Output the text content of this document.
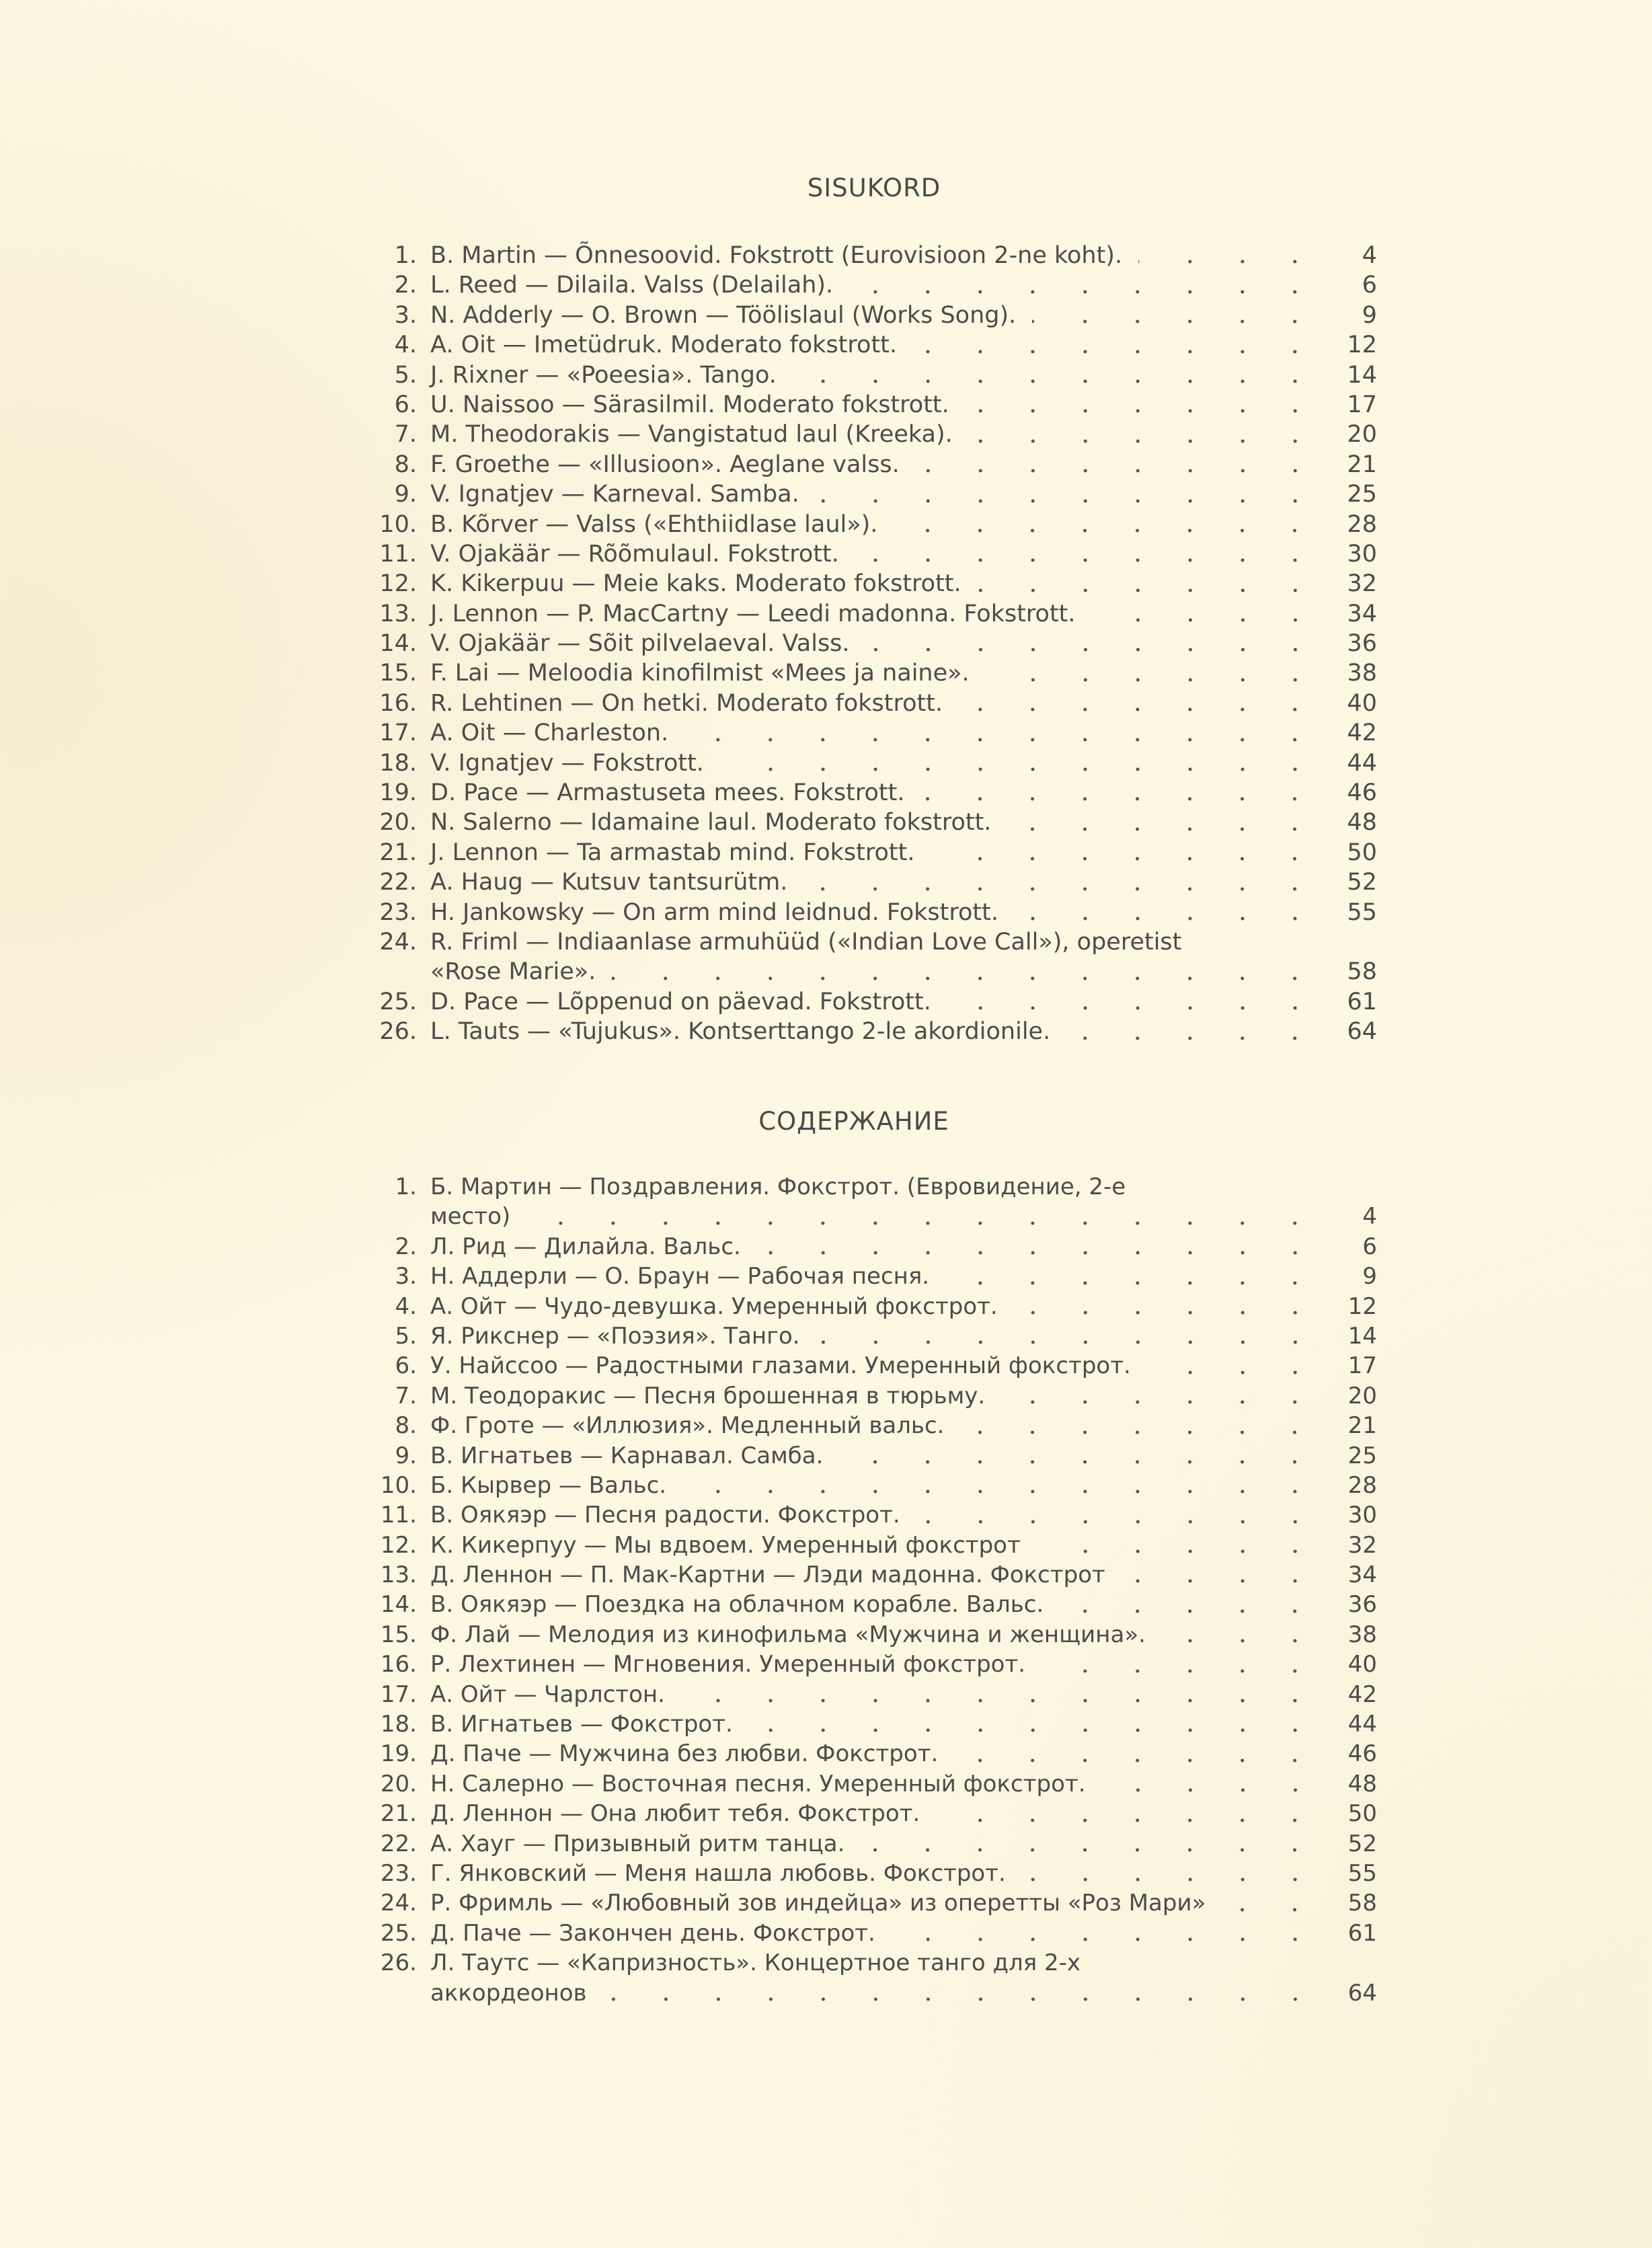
SISUKORD
1. B. Martin — Õnnesoovid. Fokstrott (Eurovisioon 2-ne koht).	4
2. L. Reed — Dilaila. Valss (Delailah).	6
3. N. Adderly — O. Brown — Töölislaul (Works Song).	9
4. A. Oit — Imetüdruk. Moderato fokstrott.	12
5. J. Rixner — «Poeesia». Tango.	14
6. U. Naissoo — Särasilmil. Moderato fokstrott.	17
7. M. Theodorakis — Vangistatud laul (Kreeka).	20
8. F. Groethe — «Illusioon». Aeglane valss.	21
9. V. Ignatjev — Karneval. Samba.	25
10. B. Kõrver — Valss («Ehthiidlase laul»).	28
11. V. Ojakäär — Rõõmulaul. Fokstrott.	30
12. K. Kikerpuu — Meie kaks. Moderato fokstrott.	32
13. J. Lennon — P. MacCartny — Leedi madonna. Fokstrott.	34
14. V. Ojakäär — Sõit pilvelaeval. Valss.	36
15. F. Lai — Meloodia kinofilmist «Mees ja naine».	38
16. R. Lehtinen — On hetki. Moderato fokstrott.	40
17. A. Oit — Charleston.	42
18. V. Ignatjev — Fokstrott.	44
19. D. Pace — Armastuseta mees. Fokstrott.	46
20. N. Salerno — Idamaine laul. Moderato fokstrott.	48
21. J. Lennon — Ta armastab mind. Fokstrott.	50
22. A. Haug — Kutsuv tantsurütm.	52
23. H. Jankowsky — On arm mind leidnud. Fokstrott.	55
24. R. Friml — Indiaanlase armuhüüd («Indian Love Call»), operetist
«Rose Marie».	58
25. D. Pace — Lõppenud on päevad. Fokstrott.	61
26. L. Tauts — «Tujukus». Kontserttango 2-le akordionile.	64
СОДЕРЖАНИЕ
1. Б. Мартин — Поздравления. Фокстрот. (Евровидение, 2-е
место)	4
2. Л. Рид — Дилайла. Вальс.	6
3. Н. Аддерли — О. Браун — Рабочая песня.	9
4. А. Ойт — Чудо-девушка. Умеренный фокстрот.	12
5. Я. Рикснер — «Поэзия». Танго.	14
6. У. Найссоо — Радостными глазами. Умеренный фокстрот.	17
7. М. Теодоракис — Песня брошенная в тюрьму.	20
8. Ф. Гроте — «Иллюзия». Медленный вальс.	21
9. В. Игнатьев — Карнавал. Самба.	25
10. Б. Кырвер — Вальс.	28
11. В. Оякяэр — Песня радости. Фокстрот.	30
12. К. Кикерпуу — Мы вдвоем. Умеренный фокстрот	32
13. Д. Леннон — П. Мак-Картни — Лэди мадонна. Фокстрот	34
14. В. Оякяэр — Поездка на облачном корабле. Вальс.	36
15. Ф. Лай — Мелодия из кинофильма «Мужчина и женщина».	38
16. Р. Лехтинен — Мгновения. Умеренный фокстрот.	40
17. А. Ойт — Чарлстон.	42
18. В. Игнатьев — Фокстрот.	44
19. Д. Паче — Мужчина без любви. Фокстрот.	46
20. Н. Салерно — Восточная песня. Умеренный фокстрот.	48
21. Д. Леннон — Она любит тебя. Фокстрот.	50
22. А. Хауг — Призывный ритм танца.	52
23. Г. Янковский — Меня нашла любовь. Фокстрот.	55
24. Р. Фримль — «Любовный зов индейца» из оперетты «Роз Мари»	58
25. Д. Паче — Закончен день. Фокстрот.	61
26. Л. Таутс — «Капризность». Концертное танго для 2-х
аккордеонов	64
